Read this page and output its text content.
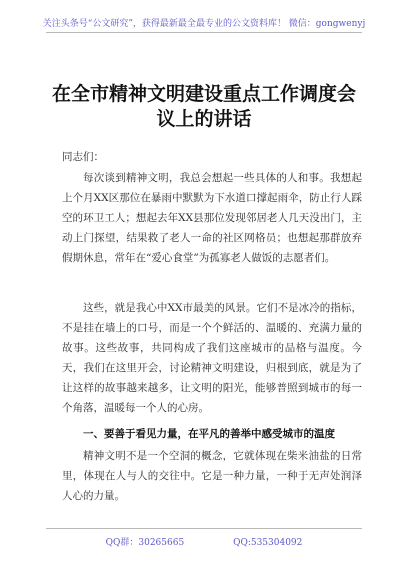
关注头条号“公文研究”，获得最新最全最专业的公文资料库！ 微信：gongwenyj
在全市精神文明建设重点工作调度会
议上的讲话
同志们：

每次谈到精神文明，我总会想起一些具体的人和事。我想起上个月XX区那位在暴雨中默默为下水道口撑起雨伞，防止行人踩空的环卫工人；想起去年XX县那位发现邻居老人几天没出门，主动上门探望，结果救了老人一命的社区网格员；也想起那群放弃假期休息，常年在“爱心食堂”为孤寡老人做饭的志愿者们。

这些，就是我心中XX市最美的风景。它们不是冰冷的指标，不是挂在墙上的口号，而是一个个鲜活的、温暖的、充满力量的故事。这些故事，共同构成了我们这座城市的品格与温度。今天，我们在这里开会，讨论精神文明建设，归根到底，就是为了让这样的故事越来越多，让文明的阳光，能够普照到城市的每一个角落，温暖每一个人的心房。

一、要善于看见力量，在平凡的善举中感受城市的温度

精神文明不是一个空洞的概念，它就体现在柴米油盐的日常里，体现在人与人的交往中。它是一种力量，一种于无声处润泽人心的力量。

QQ群：30265665	QQ:535304092
